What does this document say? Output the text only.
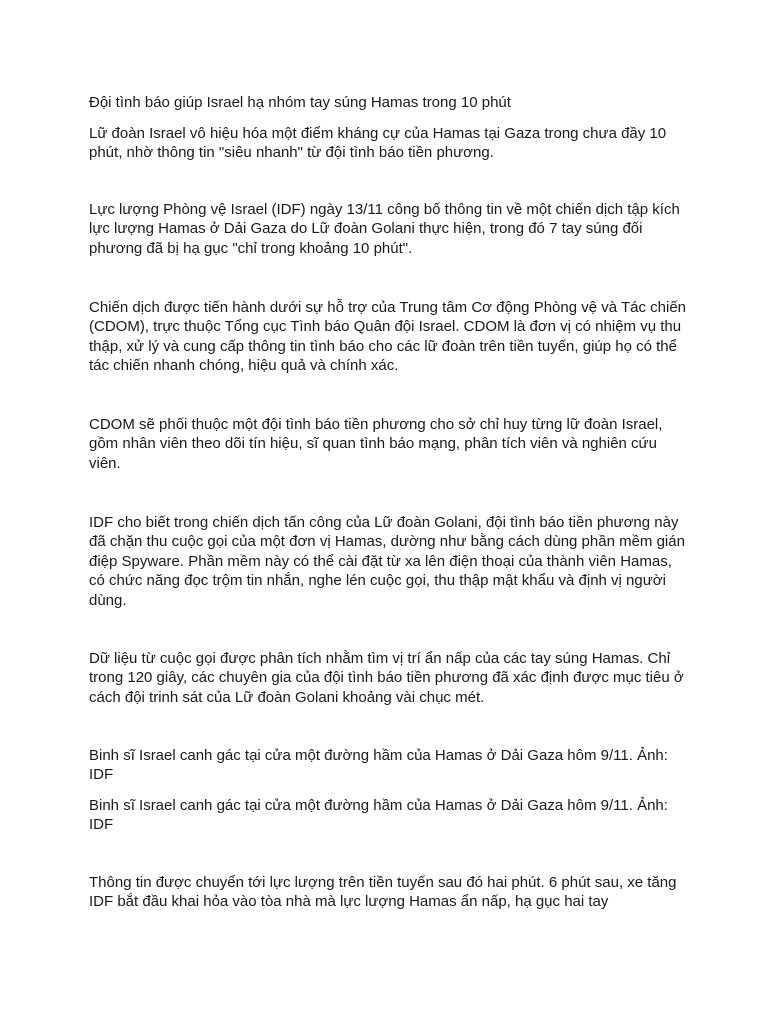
Đội tình báo giúp Israel hạ nhóm tay súng Hamas trong 10 phút

Lữ đoàn Israel vô hiệu hóa một điểm kháng cự của Hamas tại Gaza trong chưa đầy 10 phút, nhờ thông tin "siêu nhanh" từ đội tình báo tiền phương.

Lực lượng Phòng vệ Israel (IDF) ngày 13/11 công bố thông tin về một chiến dịch tập kích lực lượng Hamas ở Dải Gaza do Lữ đoàn Golani thực hiện, trong đó 7 tay súng đối phương đã bị hạ gục "chỉ trong khoảng 10 phút".

Chiến dịch được tiến hành dưới sự hỗ trợ của Trung tâm Cơ động Phòng vệ và Tác chiến (CDOM), trực thuộc Tổng cục Tình báo Quân đội Israel. CDOM là đơn vị có nhiệm vụ thu thập, xử lý và cung cấp thông tin tình báo cho các lữ đoàn trên tiền tuyến, giúp họ có thể tác chiến nhanh chóng, hiệu quả và chính xác.

CDOM sẽ phối thuộc một đội tình báo tiền phương cho sở chỉ huy từng lữ đoàn Israel, gồm nhân viên theo dõi tín hiệu, sĩ quan tình báo mạng, phân tích viên và nghiên cứu viên.

IDF cho biết trong chiến dịch tấn công của Lữ đoàn Golani, đội tình báo tiền phương này đã chặn thu cuộc gọi của một đơn vị Hamas, dường như bằng cách dùng phần mềm gián điệp Spyware. Phần mềm này có thể cài đặt từ xa lên điện thoại của thành viên Hamas, có chức năng đọc trộm tin nhắn, nghe lén cuộc gọi, thu thập mật khẩu và định vị người dùng.

Dữ liệu từ cuộc gọi được phân tích nhằm tìm vị trí ẩn nấp của các tay súng Hamas. Chỉ trong 120 giây, các chuyên gia của đội tình báo tiền phương đã xác định được mục tiêu ở cách đội trinh sát của Lữ đoàn Golani khoảng vài chục mét.

Binh sĩ Israel canh gác tại cửa một đường hầm của Hamas ở Dải Gaza hôm 9/11. Ảnh: IDF

Binh sĩ Israel canh gác tại cửa một đường hầm của Hamas ở Dải Gaza hôm 9/11. Ảnh: IDF

Thông tin được chuyển tới lực lượng trên tiền tuyến sau đó hai phút. 6 phút sau, xe tăng IDF bắt đầu khai hỏa vào tòa nhà mà lực lượng Hamas ẩn nấp, hạ gục hai tay
